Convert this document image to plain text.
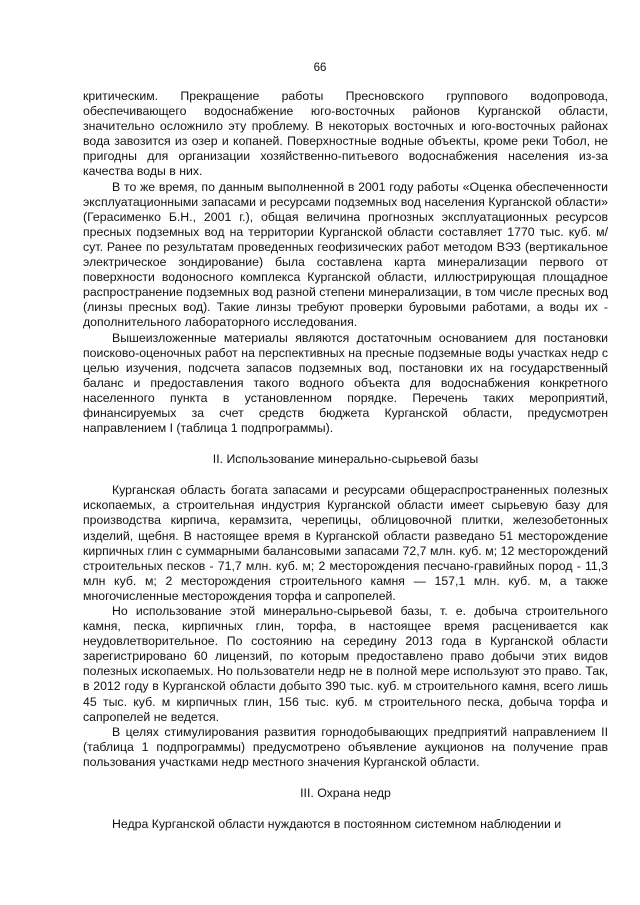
66

критическим. Прекращение работы Пресновского группового водопровода, обеспечивающего водоснабжение юго-восточных районов Курганской области, значительно осложнило эту проблему. В некоторых восточных и юго-восточных районах вода завозится из озер и копаней. Поверхностные водные объекты, кроме реки Тобол, не пригодны для организации хозяйственно-питьевого водоснабжения населения из-за качества воды в них.

В то же время, по данным выполненной в 2001 году работы «Оценка обеспеченности эксплуатационными запасами и ресурсами подземных вод населения Курганской области» (Герасименко Б.Н., 2001 г.), общая величина прогнозных эксплуатационных ресурсов пресных подземных вод на территории Курганской области составляет 1770 тыс. куб. м/сут. Ранее по результатам проведенных геофизических работ методом ВЭЗ (вертикальное электрическое зондирование) была составлена карта минерализации первого от поверхности водоносного комплекса Курганской области, иллюстрирующая площадное распространение подземных вод разной степени минерализации, в том числе пресных вод (линзы пресных вод). Такие линзы требуют проверки буровыми работами, а воды их - дополнительного лабораторного исследования.

Вышеизложенные материалы являются достаточным основанием для постановки поисково-оценочных работ на перспективных на пресные подземные воды участках недр с целью изучения, подсчета запасов подземных вод, постановки их на государственный баланс и предоставления такого водного объекта для водоснабжения конкретного населенного пункта в установленном порядке. Перечень таких мероприятий, финансируемых за счет средств бюджета Курганской области, предусмотрен направлением I (таблица 1 подпрограммы).

II. Использование минерально-сырьевой базы

Курганская область богата запасами и ресурсами общераспространенных полезных ископаемых, а строительная индустрия Курганской области имеет сырьевую базу для производства кирпича, керамзита, черепицы, облицовочной плитки, железобетонных изделий, щебня. В настоящее время в Курганской области разведано 51 месторождение кирпичных глин с суммарными балансовыми запасами 72,7 млн. куб. м; 12 месторождений строительных песков - 71,7 млн. куб. м; 2 месторождения песчано-гравийных пород - 11,3 млн куб. м; 2 месторождения строительного камня — 157,1 млн. куб. м, а также многочисленные месторождения торфа и сапропелей.

Но использование этой минерально-сырьевой базы, т. е. добыча строительного камня, песка, кирпичных глин, торфа, в настоящее время расценивается как неудовлетворительное. По состоянию на середину 2013 года в Курганской области зарегистрировано 60 лицензий, по которым предоставлено право добычи этих видов полезных ископаемых. Но пользователи недр не в полной мере используют это право. Так, в 2012 году в Курганской области добыто 390 тыс. куб. м строительного камня, всего лишь 45 тыс. куб. м кирпичных глин, 156 тыс. куб. м строительного песка, добыча торфа и сапропелей не ведется.

В целях стимулирования развития горнодобывающих предприятий направлением II (таблица 1 подпрограммы) предусмотрено объявление аукционов на получение прав пользования участками недр местного значения Курганской области.

III. Охрана недр

Недра Курганской области нуждаются в постоянном системном наблюдении и
